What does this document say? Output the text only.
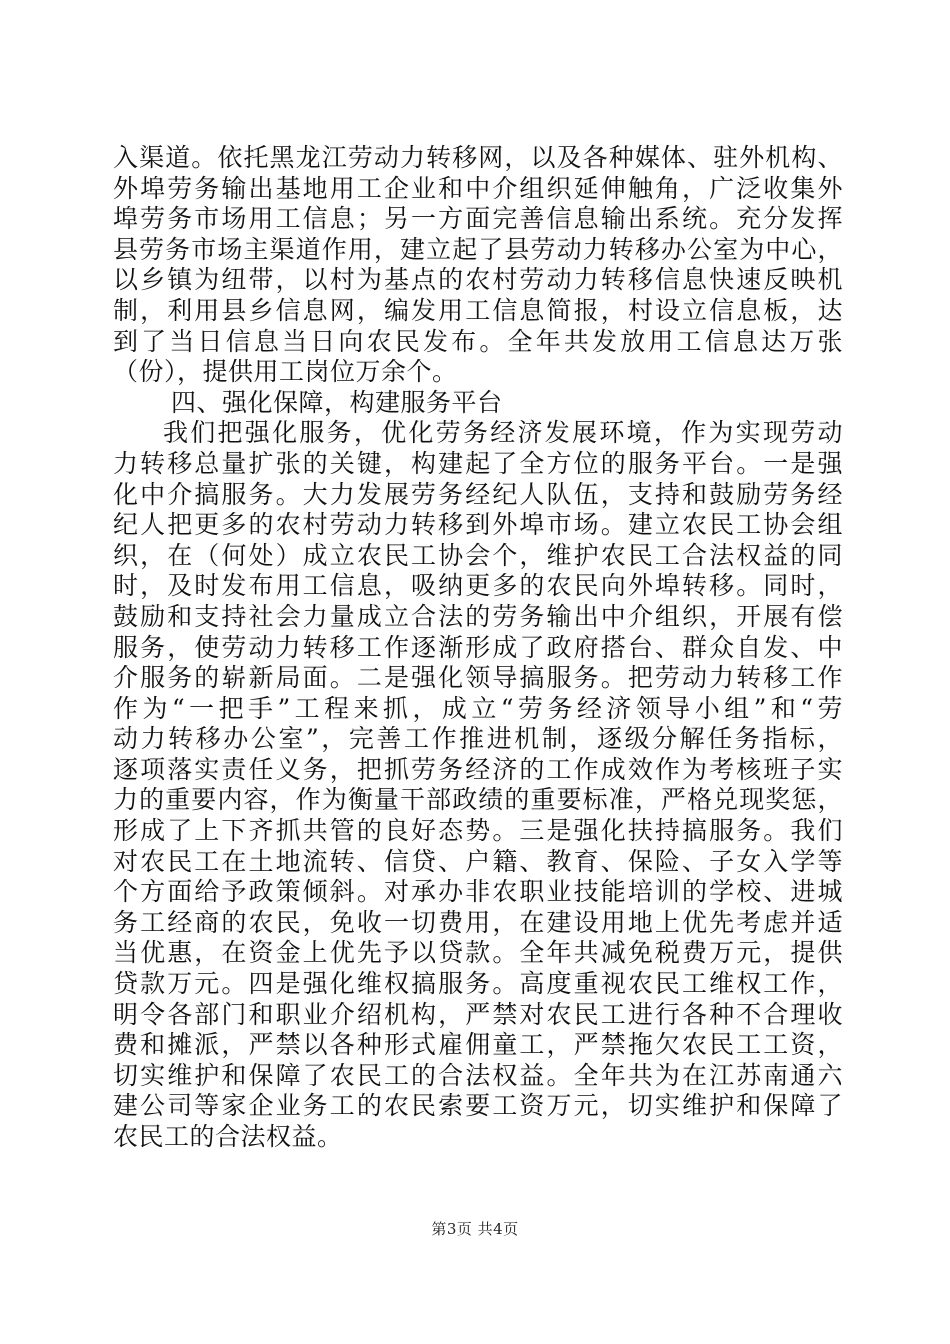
入渠道。依托黑龙江劳动力转移网，以及各种媒体、驻外机构、
外埠劳务输出基地用工企业和中介组织延伸触角，广泛收集外
埠劳务市场用工信息；另一方面完善信息输出系统。充分发挥
县劳务市场主渠道作用，建立起了县劳动力转移办公室为中心，
以乡镇为纽带，以村为基点的农村劳动力转移信息快速反映机
制，利用县乡信息网，编发用工信息简报，村设立信息板，达
到了当日信息当日向农民发布。全年共发放用工信息达万张
（份），提供用工岗位万余个。
四、强化保障，构建服务平台
我们把强化服务，优化劳务经济发展环境，作为实现劳动
力转移总量扩张的关键，构建起了全方位的服务平台。一是强
化中介搞服务。大力发展劳务经纪人队伍，支持和鼓励劳务经
纪人把更多的农村劳动力转移到外埠市场。建立农民工协会组
织，在（何处）成立农民工协会个，维护农民工合法权益的同
时，及时发布用工信息，吸纳更多的农民向外埠转移。同时，
鼓励和支持社会力量成立合法的劳务输出中介组织，开展有偿
服务，使劳动力转移工作逐渐形成了政府搭台、群众自发、中
介服务的崭新局面。二是强化领导搞服务。把劳动力转移工作
作为“一把手”工程来抓，成立“劳务经济领导小组”和“劳
动力转移办公室”，完善工作推进机制，逐级分解任务指标，
逐项落实责任义务，把抓劳务经济的工作成效作为考核班子实
力的重要内容，作为衡量干部政绩的重要标准，严格兑现奖惩，
形成了上下齐抓共管的良好态势。三是强化扶持搞服务。我们
对农民工在土地流转、信贷、户籍、教育、保险、子女入学等
个方面给予政策倾斜。对承办非农职业技能培训的学校、进城
务工经商的农民，免收一切费用，在建设用地上优先考虑并适
当优惠，在资金上优先予以贷款。全年共减免税费万元，提供
贷款万元。四是强化维权搞服务。高度重视农民工维权工作，
明令各部门和职业介绍机构，严禁对农民工进行各种不合理收
费和摊派，严禁以各种形式雇佣童工，严禁拖欠农民工工资，
切实维护和保障了农民工的合法权益。全年共为在江苏南通六
建公司等家企业务工的农民索要工资万元，切实维护和保障了
农民工的合法权益。
第3页 共4页
